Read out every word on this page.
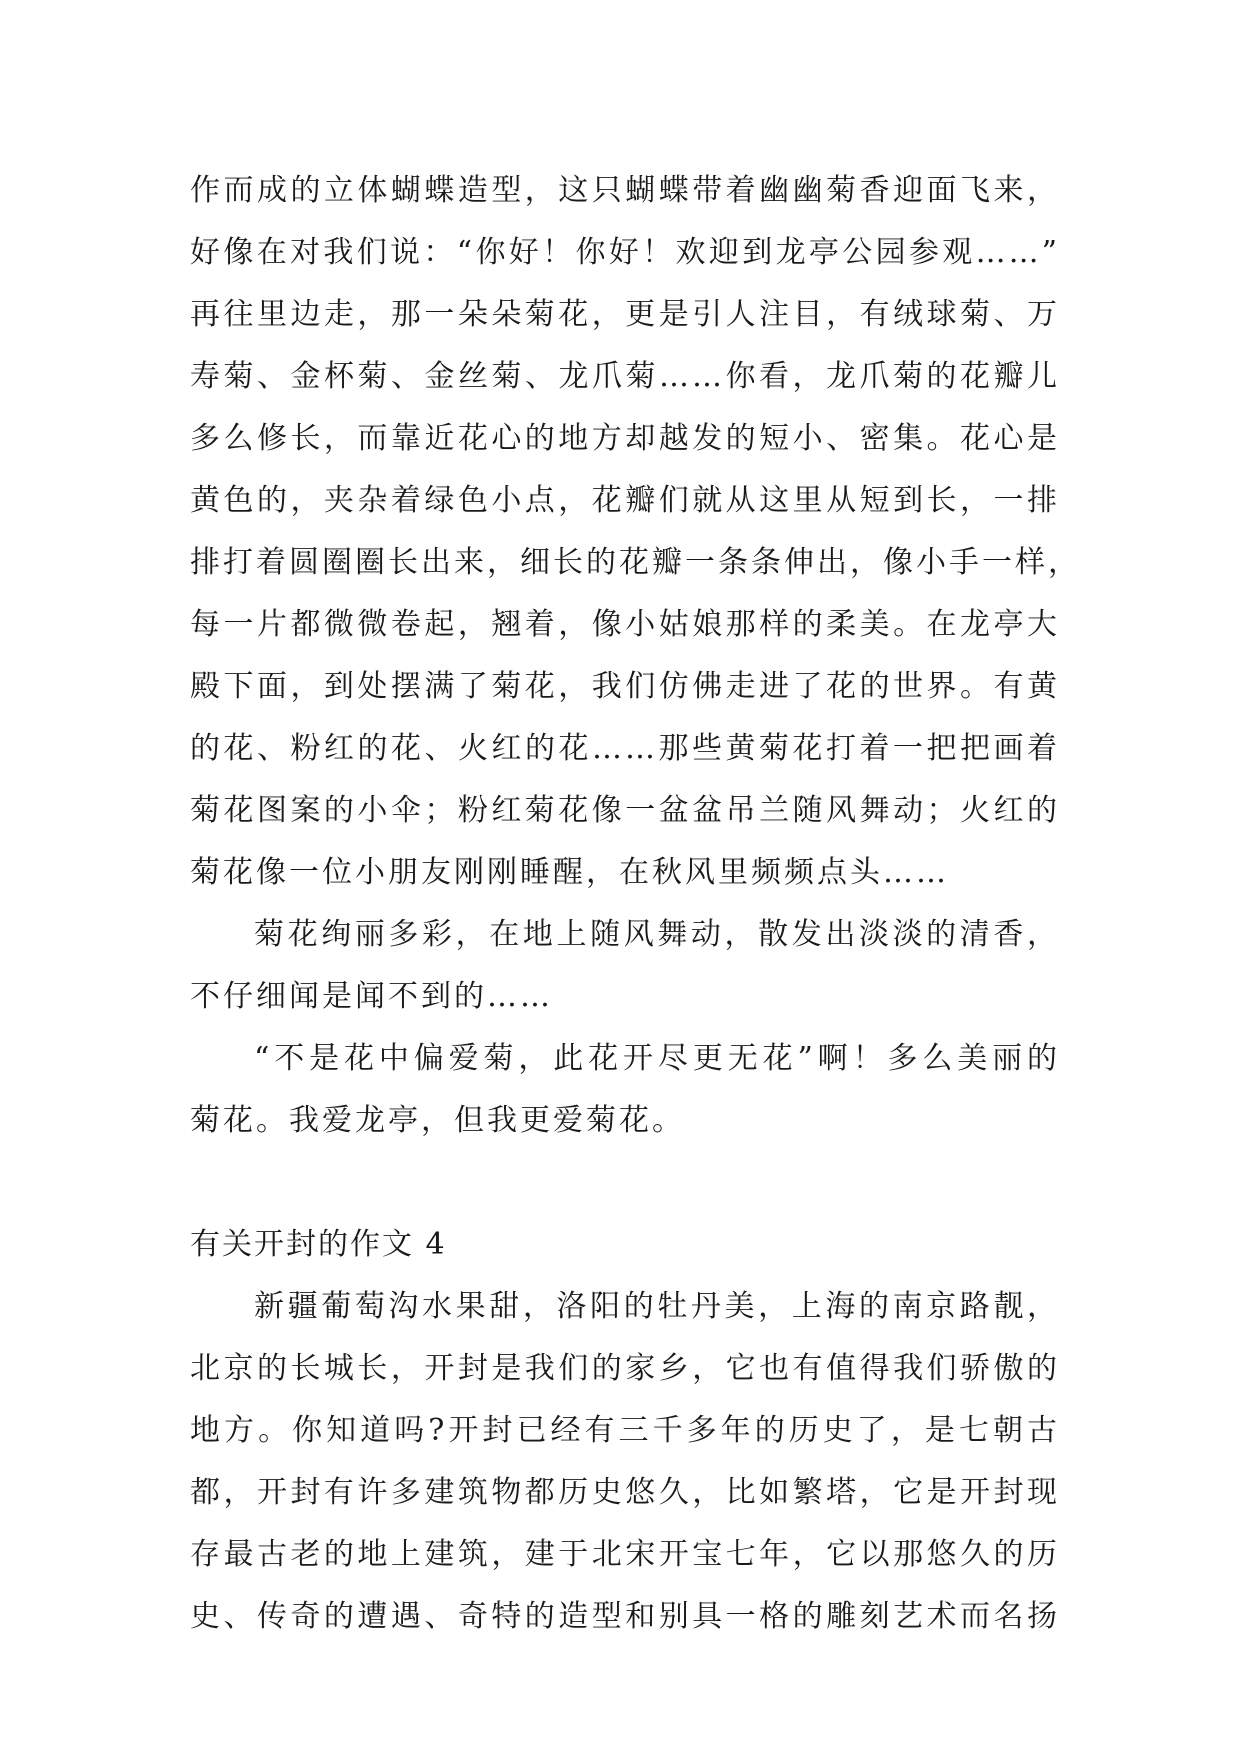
作而成的立体蝴蝶造型，这只蝴蝶带着幽幽菊香迎面飞来，
好像在对我们说：“你好！你好！欢迎到龙亭公园参观……”
再往里边走，那一朵朵菊花，更是引人注目，有绒球菊、万
寿菊、金杯菊、金丝菊、龙爪菊……你看，龙爪菊的花瓣儿
多么修长，而靠近花心的地方却越发的短小、密集。花心是
黄色的，夹杂着绿色小点，花瓣们就从这里从短到长，一排
排打着圆圈圈长出来，细长的花瓣一条条伸出，像小手一样，
每一片都微微卷起，翘着，像小姑娘那样的柔美。在龙亭大
殿下面，到处摆满了菊花，我们仿佛走进了花的世界。有黄
的花、粉红的花、火红的花……那些黄菊花打着一把把画着
菊花图案的小伞；粉红菊花像一盆盆吊兰随风舞动；火红的
菊花像一位小朋友刚刚睡醒，在秋风里频频点头……
菊花绚丽多彩，在地上随风舞动，散发出淡淡的清香，
不仔细闻是闻不到的……
“不是花中偏爱菊，此花开尽更无花”啊！多么美丽的
菊花。我爱龙亭，但我更爱菊花。
有关开封的作文 4
新疆葡萄沟水果甜，洛阳的牡丹美，上海的南京路靓，
北京的长城长，开封是我们的家乡，它也有值得我们骄傲的
地方。你知道吗?开封已经有三千多年的历史了，是七朝古
都，开封有许多建筑物都历史悠久，比如繁塔，它是开封现
存最古老的地上建筑，建于北宋开宝七年，它以那悠久的历
史、传奇的遭遇、奇特的造型和别具一格的雕刻艺术而名扬
